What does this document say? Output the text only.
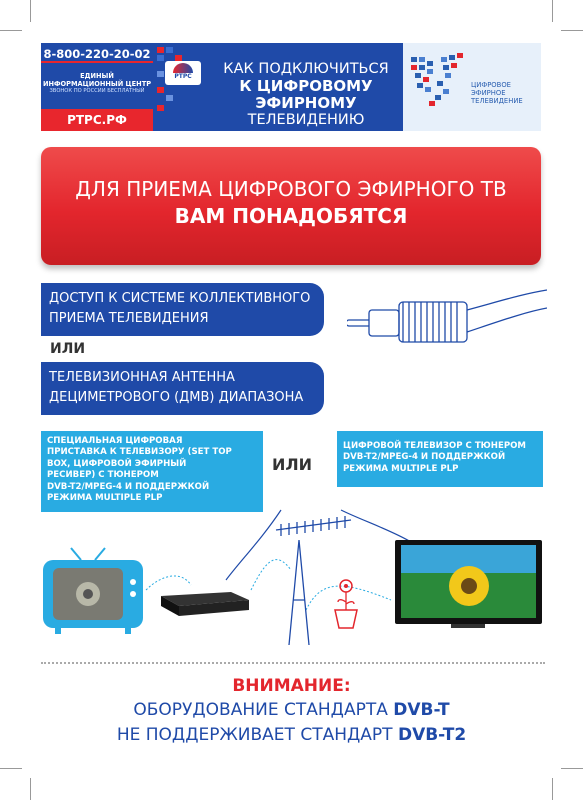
8-800-220-20-02
ЕДИНЫЙ
ИНФОРМАЦИОННЫЙ ЦЕНТР
ЗВОНОК ПО РОССИИ БЕСПЛАТНЫЙ
РТРС.РФ
РТРС	КАК ПОДКЛЮЧИТЬСЯ
К ЦИФРОВОМУ ЭФИРНОМУ
ТЕЛЕВИДЕНИЮ
ЦИФРОВОЕ
ЭФИРНОЕ
ТЕЛЕВИДЕНИЕ
ДЛЯ ПРИЕМА ЦИФРОВОГО ЭФИРНОГО ТВ
ВАМ ПОНАДОБЯТСЯ
ДОСТУП К СИСТЕМЕ КОЛЛЕКТИВНОГО
ПРИЕМА ТЕЛЕВИДЕНИЯ
ИЛИ
ТЕЛЕВИЗИОННАЯ АНТЕННА
ДЕЦИМЕТРОВОГО (ДМВ) ДИАПАЗОНА
СПЕЦИАЛЬНАЯ ЦИФРОВАЯ
ПРИСТАВКА К ТЕЛЕВИЗОРУ (SET TOP
BOX, ЦИФРОВОЙ ЭФИРНЫЙ
РЕСИВЕР) С ТЮНЕРОМ
DVB-T2/MPEG-4 И ПОДДЕРЖКОЙ
РЕЖИМА MULTIPLE PLP
ИЛИ
ЦИФРОВОЙ ТЕЛЕВИЗОР С ТЮНЕРОМ
DVB-T2/MPEG-4 И ПОДДЕРЖКОЙ
РЕЖИМА MULTIPLE PLP
ВНИМАНИЕ:
ОБОРУДОВАНИЕ СТАНДАРТА DVB-T
НЕ ПОДДЕРЖИВАЕТ СТАНДАРТ DVB-T2
